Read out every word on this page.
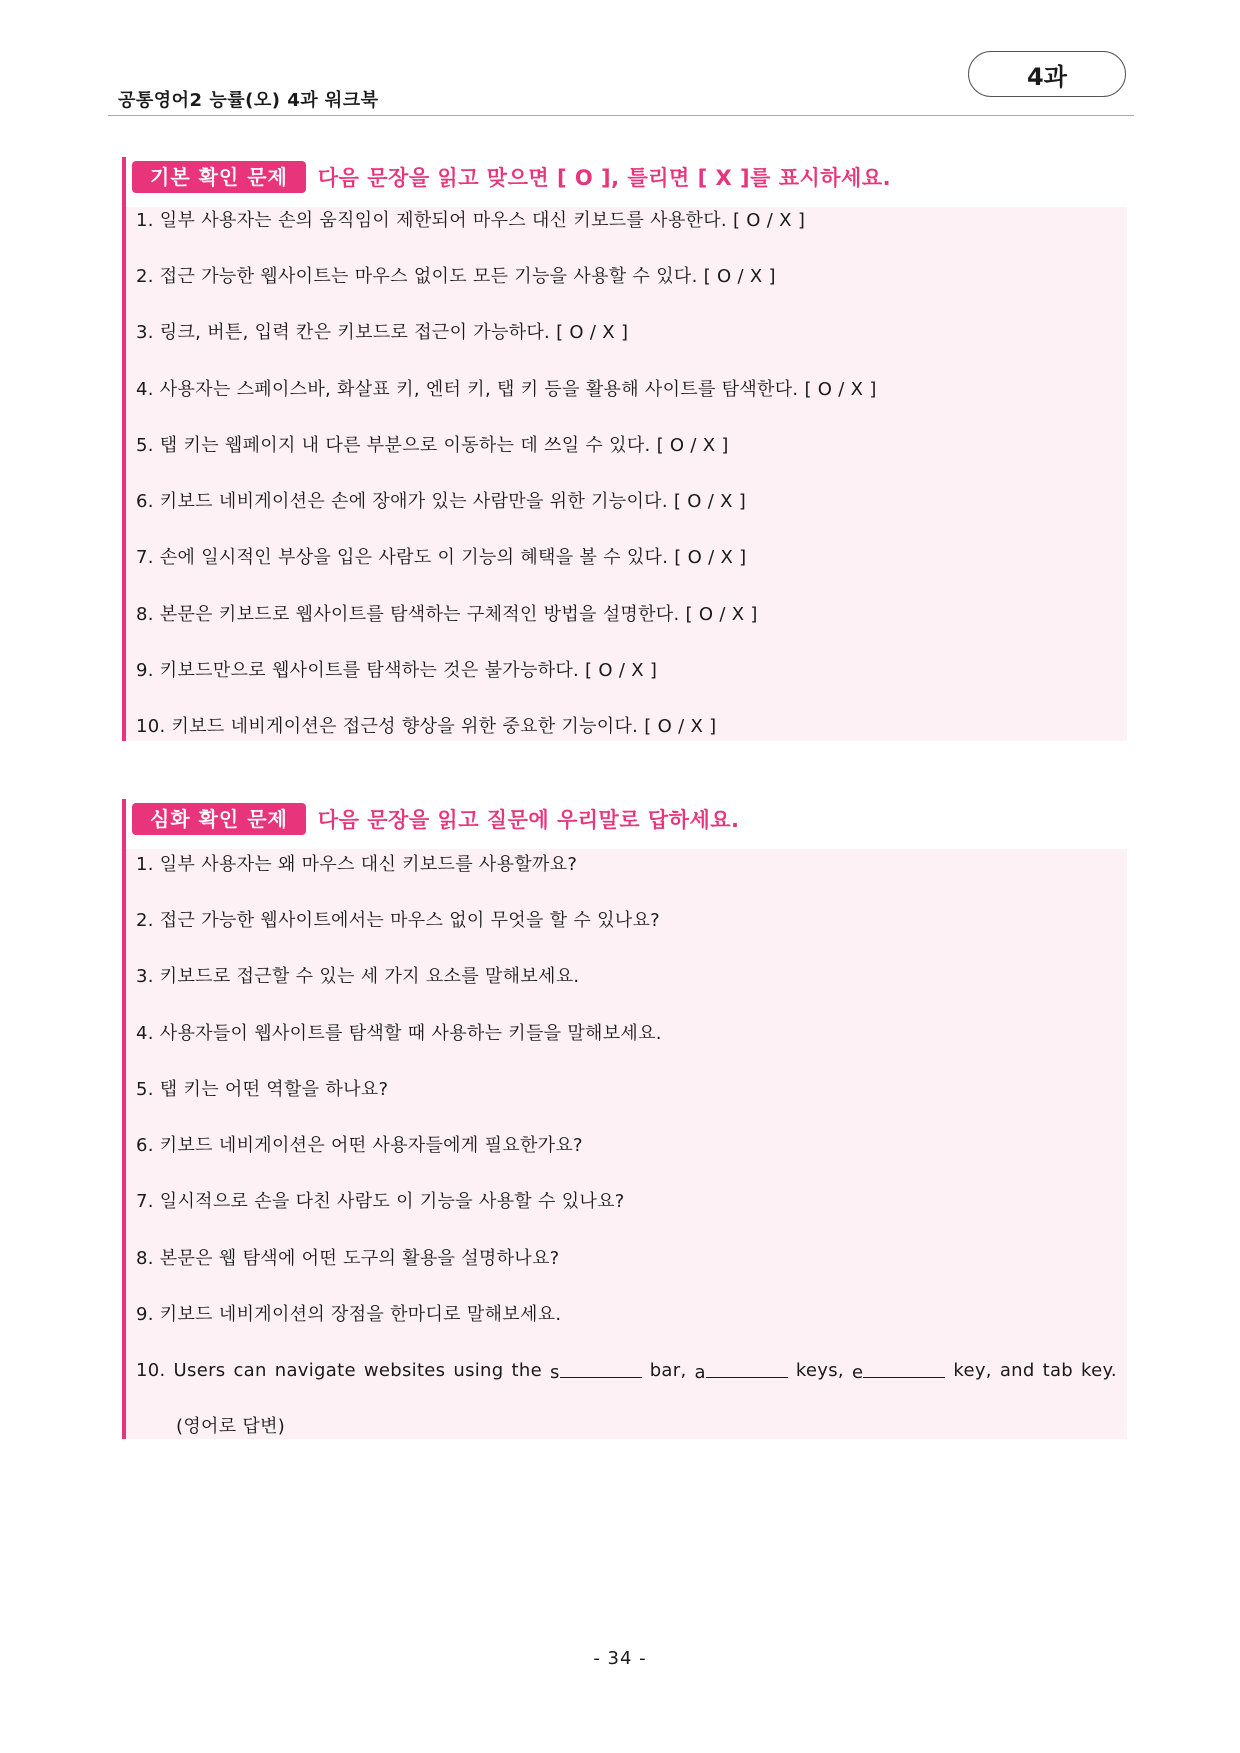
공통영어2 능률(오) 4과 워크북
4과
기본 확인 문제	다음 문장을 읽고 맞으면 [ O ], 틀리면 [ X ]를 표시하세요.
1. 일부 사용자는 손의 움직임이 제한되어 마우스 대신 키보드를 사용한다. [ O / X ]
2. 접근 가능한 웹사이트는 마우스 없이도 모든 기능을 사용할 수 있다. [ O / X ]
3. 링크, 버튼, 입력 칸은 키보드로 접근이 가능하다. [ O / X ]
4. 사용자는 스페이스바, 화살표 키, 엔터 키, 탭 키 등을 활용해 사이트를 탐색한다. [ O / X ]
5. 탭 키는 웹페이지 내 다른 부분으로 이동하는 데 쓰일 수 있다. [ O / X ]
6. 키보드 네비게이션은 손에 장애가 있는 사람만을 위한 기능이다. [ O / X ]
7. 손에 일시적인 부상을 입은 사람도 이 기능의 혜택을 볼 수 있다. [ O / X ]
8. 본문은 키보드로 웹사이트를 탐색하는 구체적인 방법을 설명한다. [ O / X ]
9. 키보드만으로 웹사이트를 탐색하는 것은 불가능하다. [ O / X ]
10. 키보드 네비게이션은 접근성 향상을 위한 중요한 기능이다. [ O / X ]
심화 확인 문제	다음 문장을 읽고 질문에 우리말로 답하세요.
1. 일부 사용자는 왜 마우스 대신 키보드를 사용할까요?
2. 접근 가능한 웹사이트에서는 마우스 없이 무엇을 할 수 있나요?
3. 키보드로 접근할 수 있는 세 가지 요소를 말해보세요.
4. 사용자들이 웹사이트를 탐색할 때 사용하는 키들을 말해보세요.
5. 탭 키는 어떤 역할을 하나요?
6. 키보드 네비게이션은 어떤 사용자들에게 필요한가요?
7. 일시적으로 손을 다친 사람도 이 기능을 사용할 수 있나요?
8. 본문은 웹 탐색에 어떤 도구의 활용을 설명하나요?
9. 키보드 네비게이션의 장점을 한마디로 말해보세요.
10. Users can navigate websites using the s	bar, a	keys, e	key, and tab key.
(영어로 답변)
- 34 -
